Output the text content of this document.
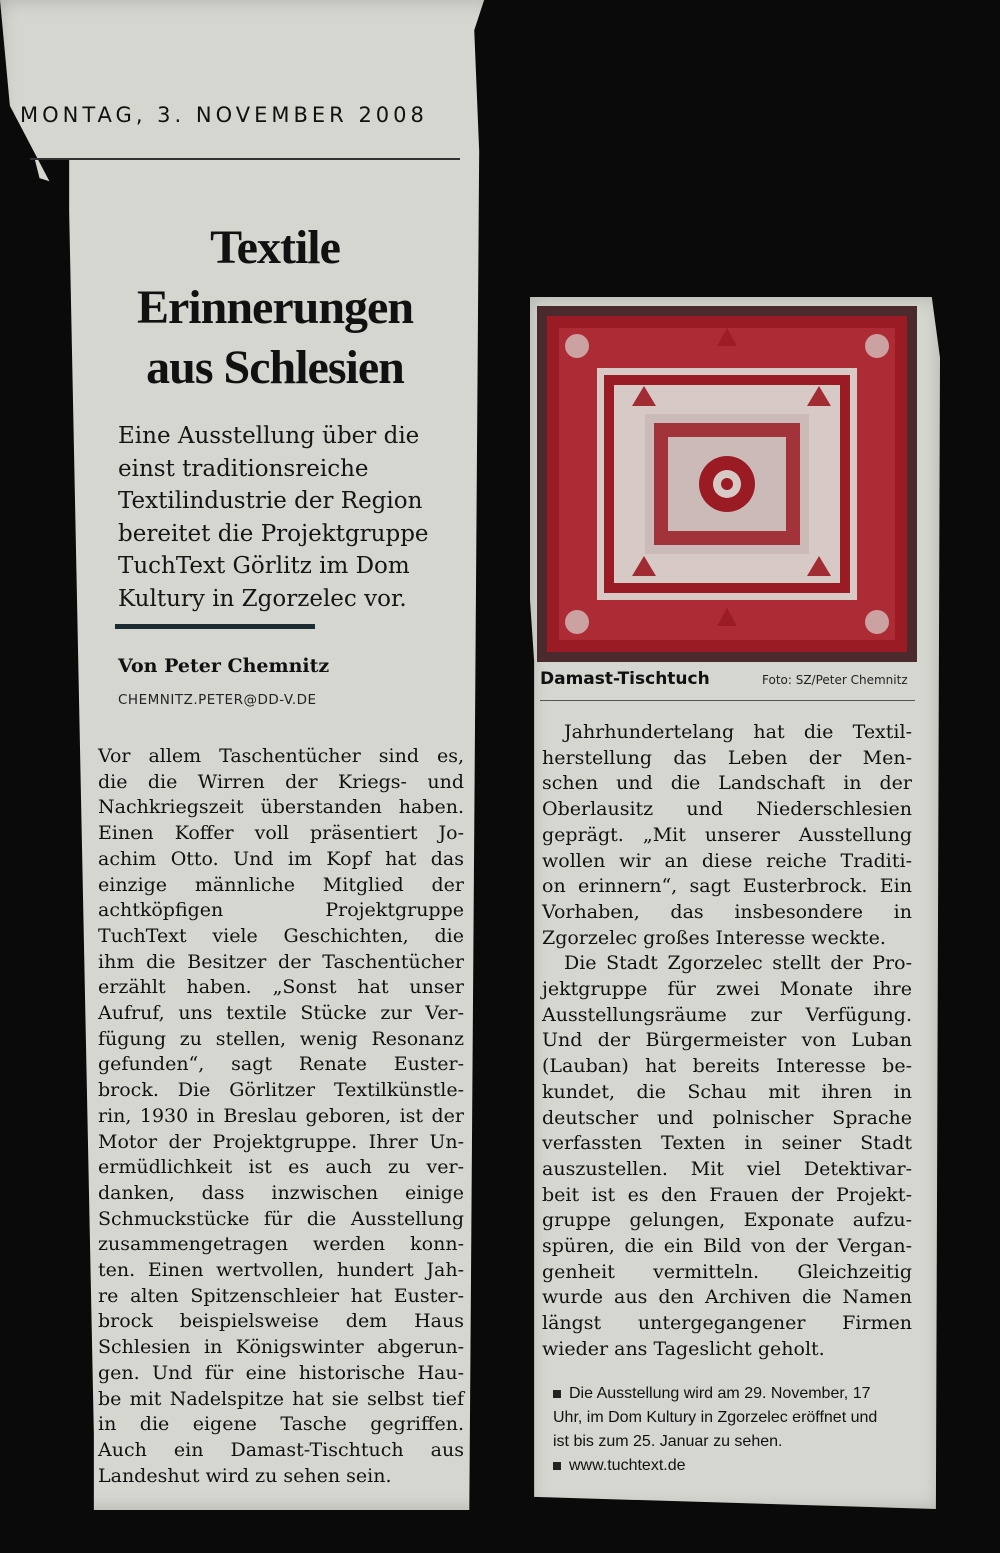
MONTAG, 3. NOVEMBER 2008
Textile
Erinnerungen
aus Schlesien
Eine Ausstellung über die
einst traditionsreiche
Textilindustrie der Region
bereitet die Projektgruppe
TuchText Görlitz im Dom
Kultury in Zgorzelec vor.
Von Peter Chemnitz
CHEMNITZ.PETER@DD-V.DE
Vor allem Taschentücher sind es,
die die Wirren der Kriegs- und
Nachkriegszeit überstanden haben.
Einen Koffer voll präsentiert Jo-
achim Otto. Und im Kopf hat das
einzige männliche Mitglied der
achtköpfigen Projektgruppe
TuchText viele Geschichten, die
ihm die Besitzer der Taschentücher
erzählt haben. „Sonst hat unser
Aufruf, uns textile Stücke zur Ver-
fügung zu stellen, wenig Resonanz
gefunden“, sagt Renate Euster-
brock. Die Görlitzer Textilkünstle-
rin, 1930 in Breslau geboren, ist der
Motor der Projektgruppe. Ihrer Un-
ermüdlichkeit ist es auch zu ver-
danken, dass inzwischen einige
Schmuckstücke für die Ausstellung
zusammengetragen werden konn-
ten. Einen wertvollen, hundert Jah-
re alten Spitzenschleier hat Euster-
brock beispielsweise dem Haus
Schlesien in Königswinter abgerun-
gen. Und für eine historische Hau-
be mit Nadelspitze hat sie selbst tief
in die eigene Tasche gegriffen.
Auch ein Damast-Tischtuch aus
Landeshut wird zu sehen sein.
Damast-Tischtuch	Foto: SZ/Peter Chemnitz
Jahrhundertelang hat die Textil-
herstellung das Leben der Men-
schen und die Landschaft in der
Oberlausitz und Niederschlesien
geprägt. „Mit unserer Ausstellung
wollen wir an diese reiche Traditi-
on erinnern“, sagt Eusterbrock. Ein
Vorhaben, das insbesondere in
Zgorzelec großes Interesse weckte.
Die Stadt Zgorzelec stellt der Pro-
jektgruppe für zwei Monate ihre
Ausstellungsräume zur Verfügung.
Und der Bürgermeister von Luban
(Lauban) hat bereits Interesse be-
kundet, die Schau mit ihren in
deutscher und polnischer Sprache
verfassten Texten in seiner Stadt
auszustellen. Mit viel Detektivar-
beit ist es den Frauen der Projekt-
gruppe gelungen, Exponate aufzu-
spüren, die ein Bild von der Vergan-
genheit vermitteln. Gleichzeitig
wurde aus den Archiven die Namen
längst untergegangener Firmen
wieder ans Tageslicht geholt.
Die Ausstellung wird am 29. November, 17
Uhr, im Dom Kultury in Zgorzelec eröffnet und
ist bis zum 25. Januar zu sehen.
www.tuchtext.de
